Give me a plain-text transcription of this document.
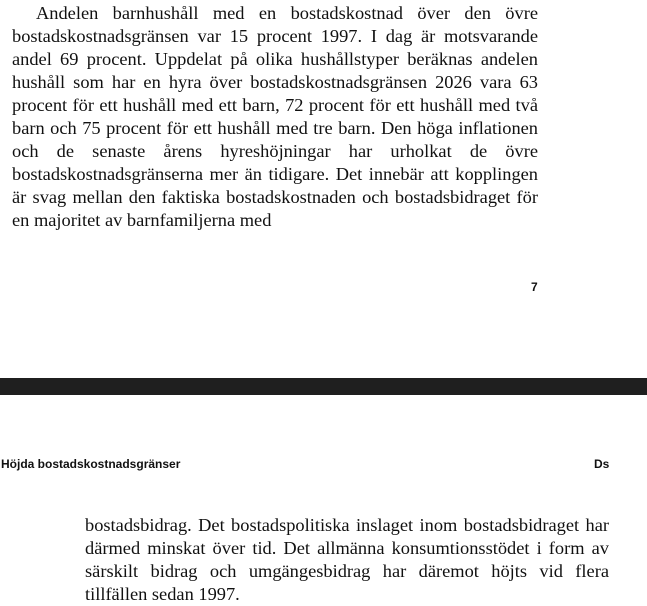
Andelen barnhushåll med en bostadskostnad över den övre bostadskostnadsgränsen var 15 procent 1997. I dag är motsvarande andel 69 procent. Uppdelat på olika hushållstyper beräknas andelen hushåll som har en hyra över bostadskostnadsgränsen 2026 vara 63 procent för ett hushåll med ett barn, 72 procent för ett hushåll med två barn och 75 procent för ett hushåll med tre barn. Den höga inflationen och de senaste årens hyreshöjningar har urholkat de övre bostadskostnadsgränserna mer än tidigare. Det innebär att kopplingen är svag mellan den faktiska bostadskostnaden och bostadsbidraget för en majoritet av barnfamiljerna med

7
Höjda bostadskostnadsgränser	Ds

bostadsbidrag. Det bostadspolitiska inslaget inom bostadsbidraget har därmed minskat över tid. Det allmänna konsumtionsstödet i form av särskilt bidrag och umgängesbidrag har däremot höjts vid flera tillfällen sedan 1997.
